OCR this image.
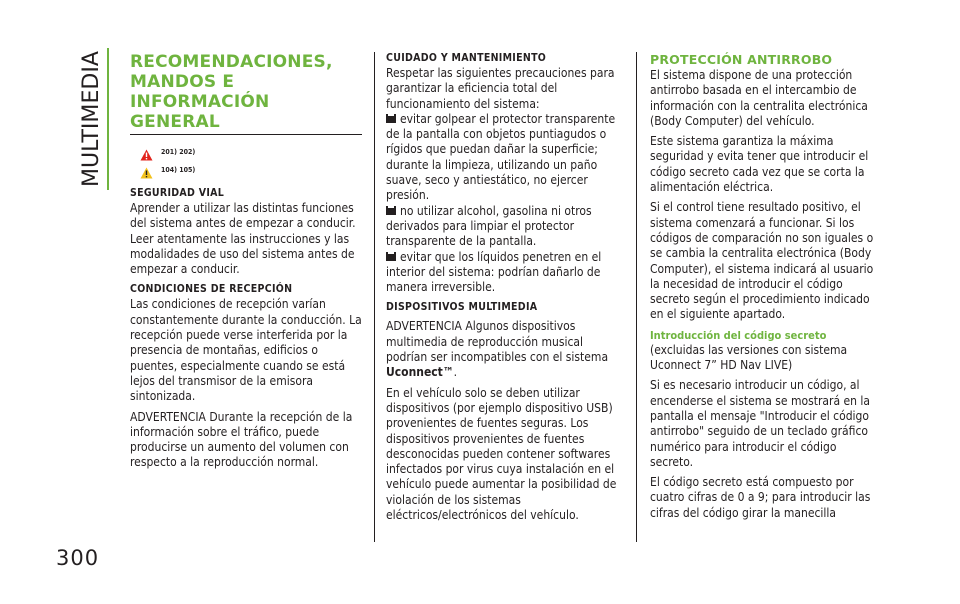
MULTIMEDIA RECOMENDACIONES,
MANDOS E INFORMACIÓN
GENERAL
201) 202)
104) 105)
SEGURIDAD VIAL

Aprender a utilizar las distintas funciones del sistema antes de empezar a conducir.

Leer atentamente las instrucciones y las modalidades de uso del sistema antes de empezar a conducir.

CONDICIONES DE RECEPCIÓN

Las condiciones de recepción varían constantemente durante la conducción. La recepción puede verse interferida por la presencia de montañas, edificios o puentes, especialmente cuando se está lejos del transmisor de la emisora sintonizada.

ADVERTENCIA Durante la recepción de la información sobre el tráfico, puede producirse un aumento del volumen con respecto a la reproducción normal.

CUIDADO Y MANTENIMIENTO

Respetar las siguientes precauciones para garantizar la eficiencia total del funcionamiento del sistema:

evitar golpear el protector transparente de la pantalla con objetos puntiagudos o rígidos que puedan dañar la superficie; durante la limpieza, utilizando un paño suave, seco y antiestático, no ejercer presión.
no utilizar alcohol, gasolina ni otros derivados para limpiar el protector transparente de la pantalla.
evitar que los líquidos penetren en el interior del sistema: podrían dañarlo de manera irreversible.
DISPOSITIVOS MULTIMEDIA

ADVERTENCIA Algunos dispositivos multimedia de reproducción musical podrían ser incompatibles con el sistema Uconnect™.

En el vehículo solo se deben utilizar dispositivos (por ejemplo dispositivo USB) provenientes de fuentes seguras. Los dispositivos provenientes de fuentes desconocidas pueden contener softwares infectados por virus cuya instalación en el vehículo puede aumentar la posibilidad de violación de los sistemas eléctricos/electrónicos del vehículo.

PROTECCIÓN ANTIRROBO

El sistema dispone de una protección antirrobo basada en el intercambio de información con la centralita electrónica (Body Computer) del vehículo.

Este sistema garantiza la máxima seguridad y evita tener que introducir el código secreto cada vez que se corta la alimentación eléctrica.

Si el control tiene resultado positivo, el sistema comenzará a funcionar. Si los códigos de comparación no son iguales o se cambia la centralita electrónica (Body Computer), el sistema indicará al usuario la necesidad de introducir el código secreto según el procedimiento indicado en el siguiente apartado.

Introducción del código secreto

(excluidas las versiones con sistema Uconnect 7” HD Nav LIVE)

Si es necesario introducir un código, al encenderse el sistema se mostrará en la pantalla el mensaje "Introducir el código antirrobo" seguido de un teclado gráfico numérico para introducir el código secreto.

El código secreto está compuesto por cuatro cifras de 0 a 9; para introducir las cifras del código girar la manecilla

300
